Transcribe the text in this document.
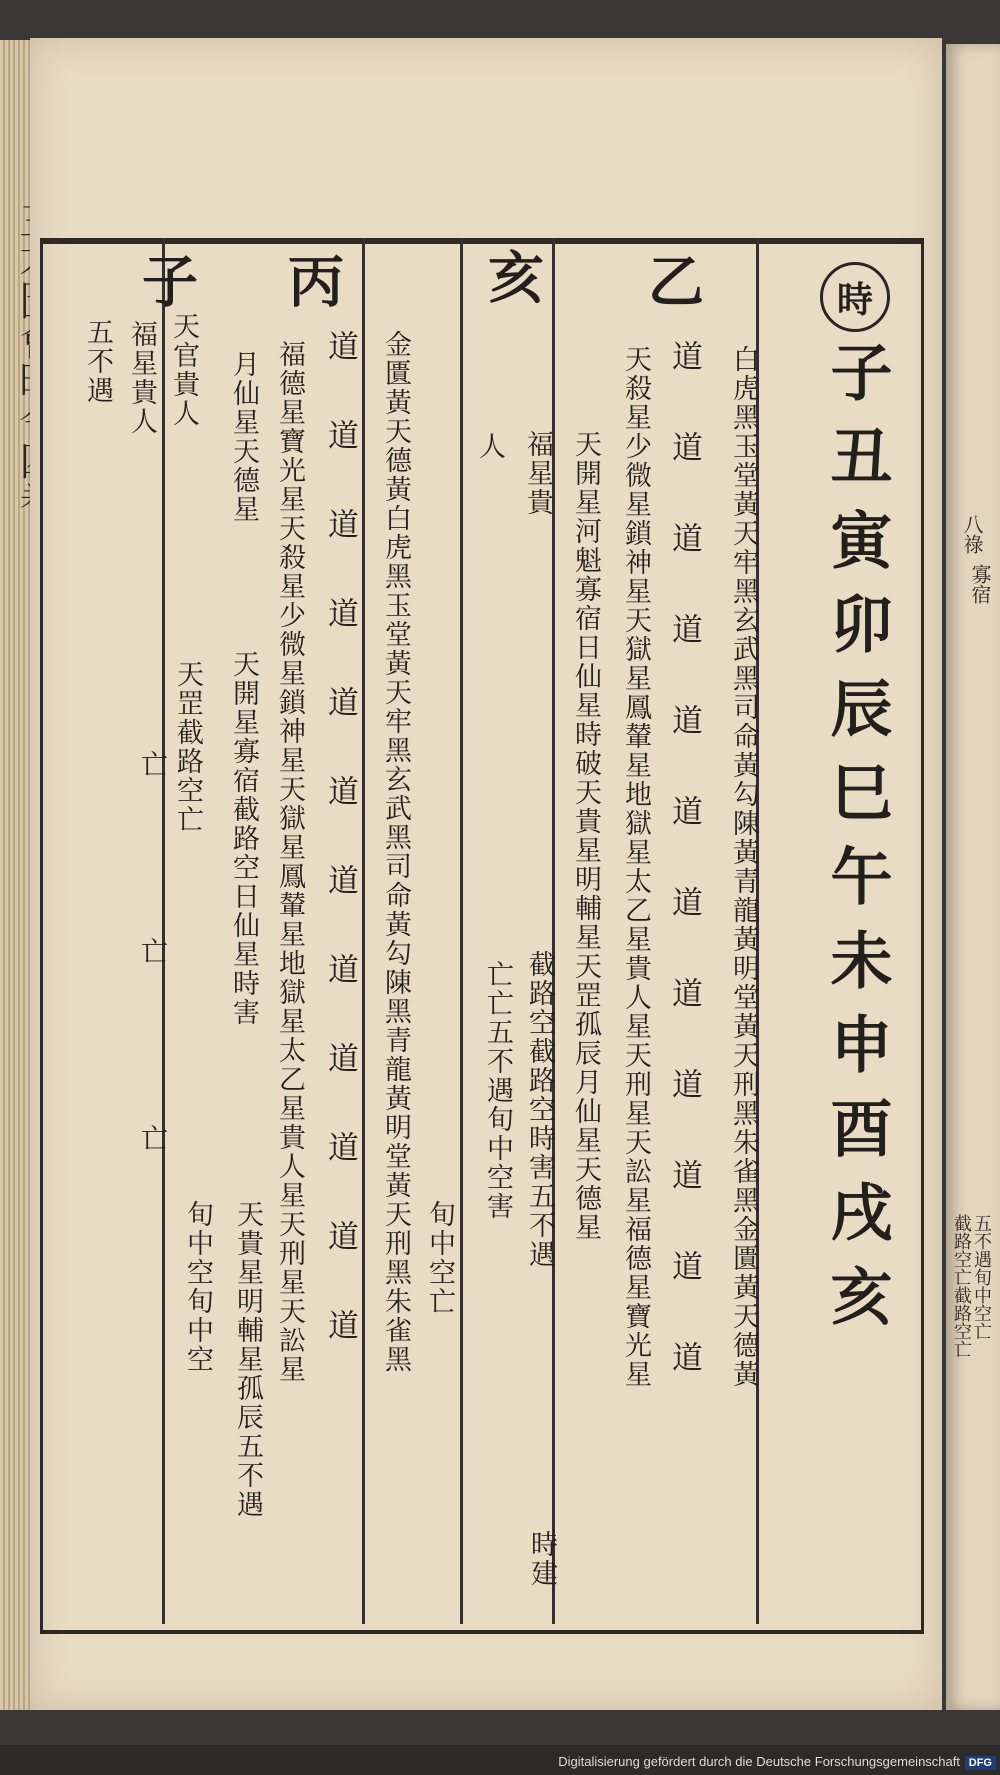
八祿
寡宿
五不遇旬中空亡
截路空亡截路空亡
時
子丑寅卯辰巳午未申酉戌亥
白虎黑玉堂黃天牢黑玄武黑司命黃勾陳黃青龍黃明堂黃天刑黑朱雀黑金匱黃天德黃
道道道道道道道道道道道道
天殺星少微星鎖神星天獄星鳳輦星地獄星太乙星貴人星天刑星天訟星福德星寶光星
乙
天開星河魁寡宿日仙星時破天貴星明輔星天罡孤辰月仙星天德星
福星貴
截路空截路空時害五不遇
亡亡五不遇旬中空害
時建
亥
人
旬中空亡
丙
金匱黃天德黃白虎黑玉堂黃天牢黑玄武黑司命黃勾陳黑青龍黃明堂黃天刑黑朱雀黑
道道道道道道道道道道道道
福德星寶光星天殺星少微星鎖神星天獄星鳳輦星地獄星太乙星貴人星天刑星天訟星
月仙星天德星
天開星寡宿截路空日仙星時害
天貴星明輔星孤辰五不遇
子
天官貴人
福星貴人
天罡截路空亡
旬中空旬中空
亡亡亡
五不遇
Digitalisierung gefördert durch die Deutsche Forschungsgemeinschaft DFG
